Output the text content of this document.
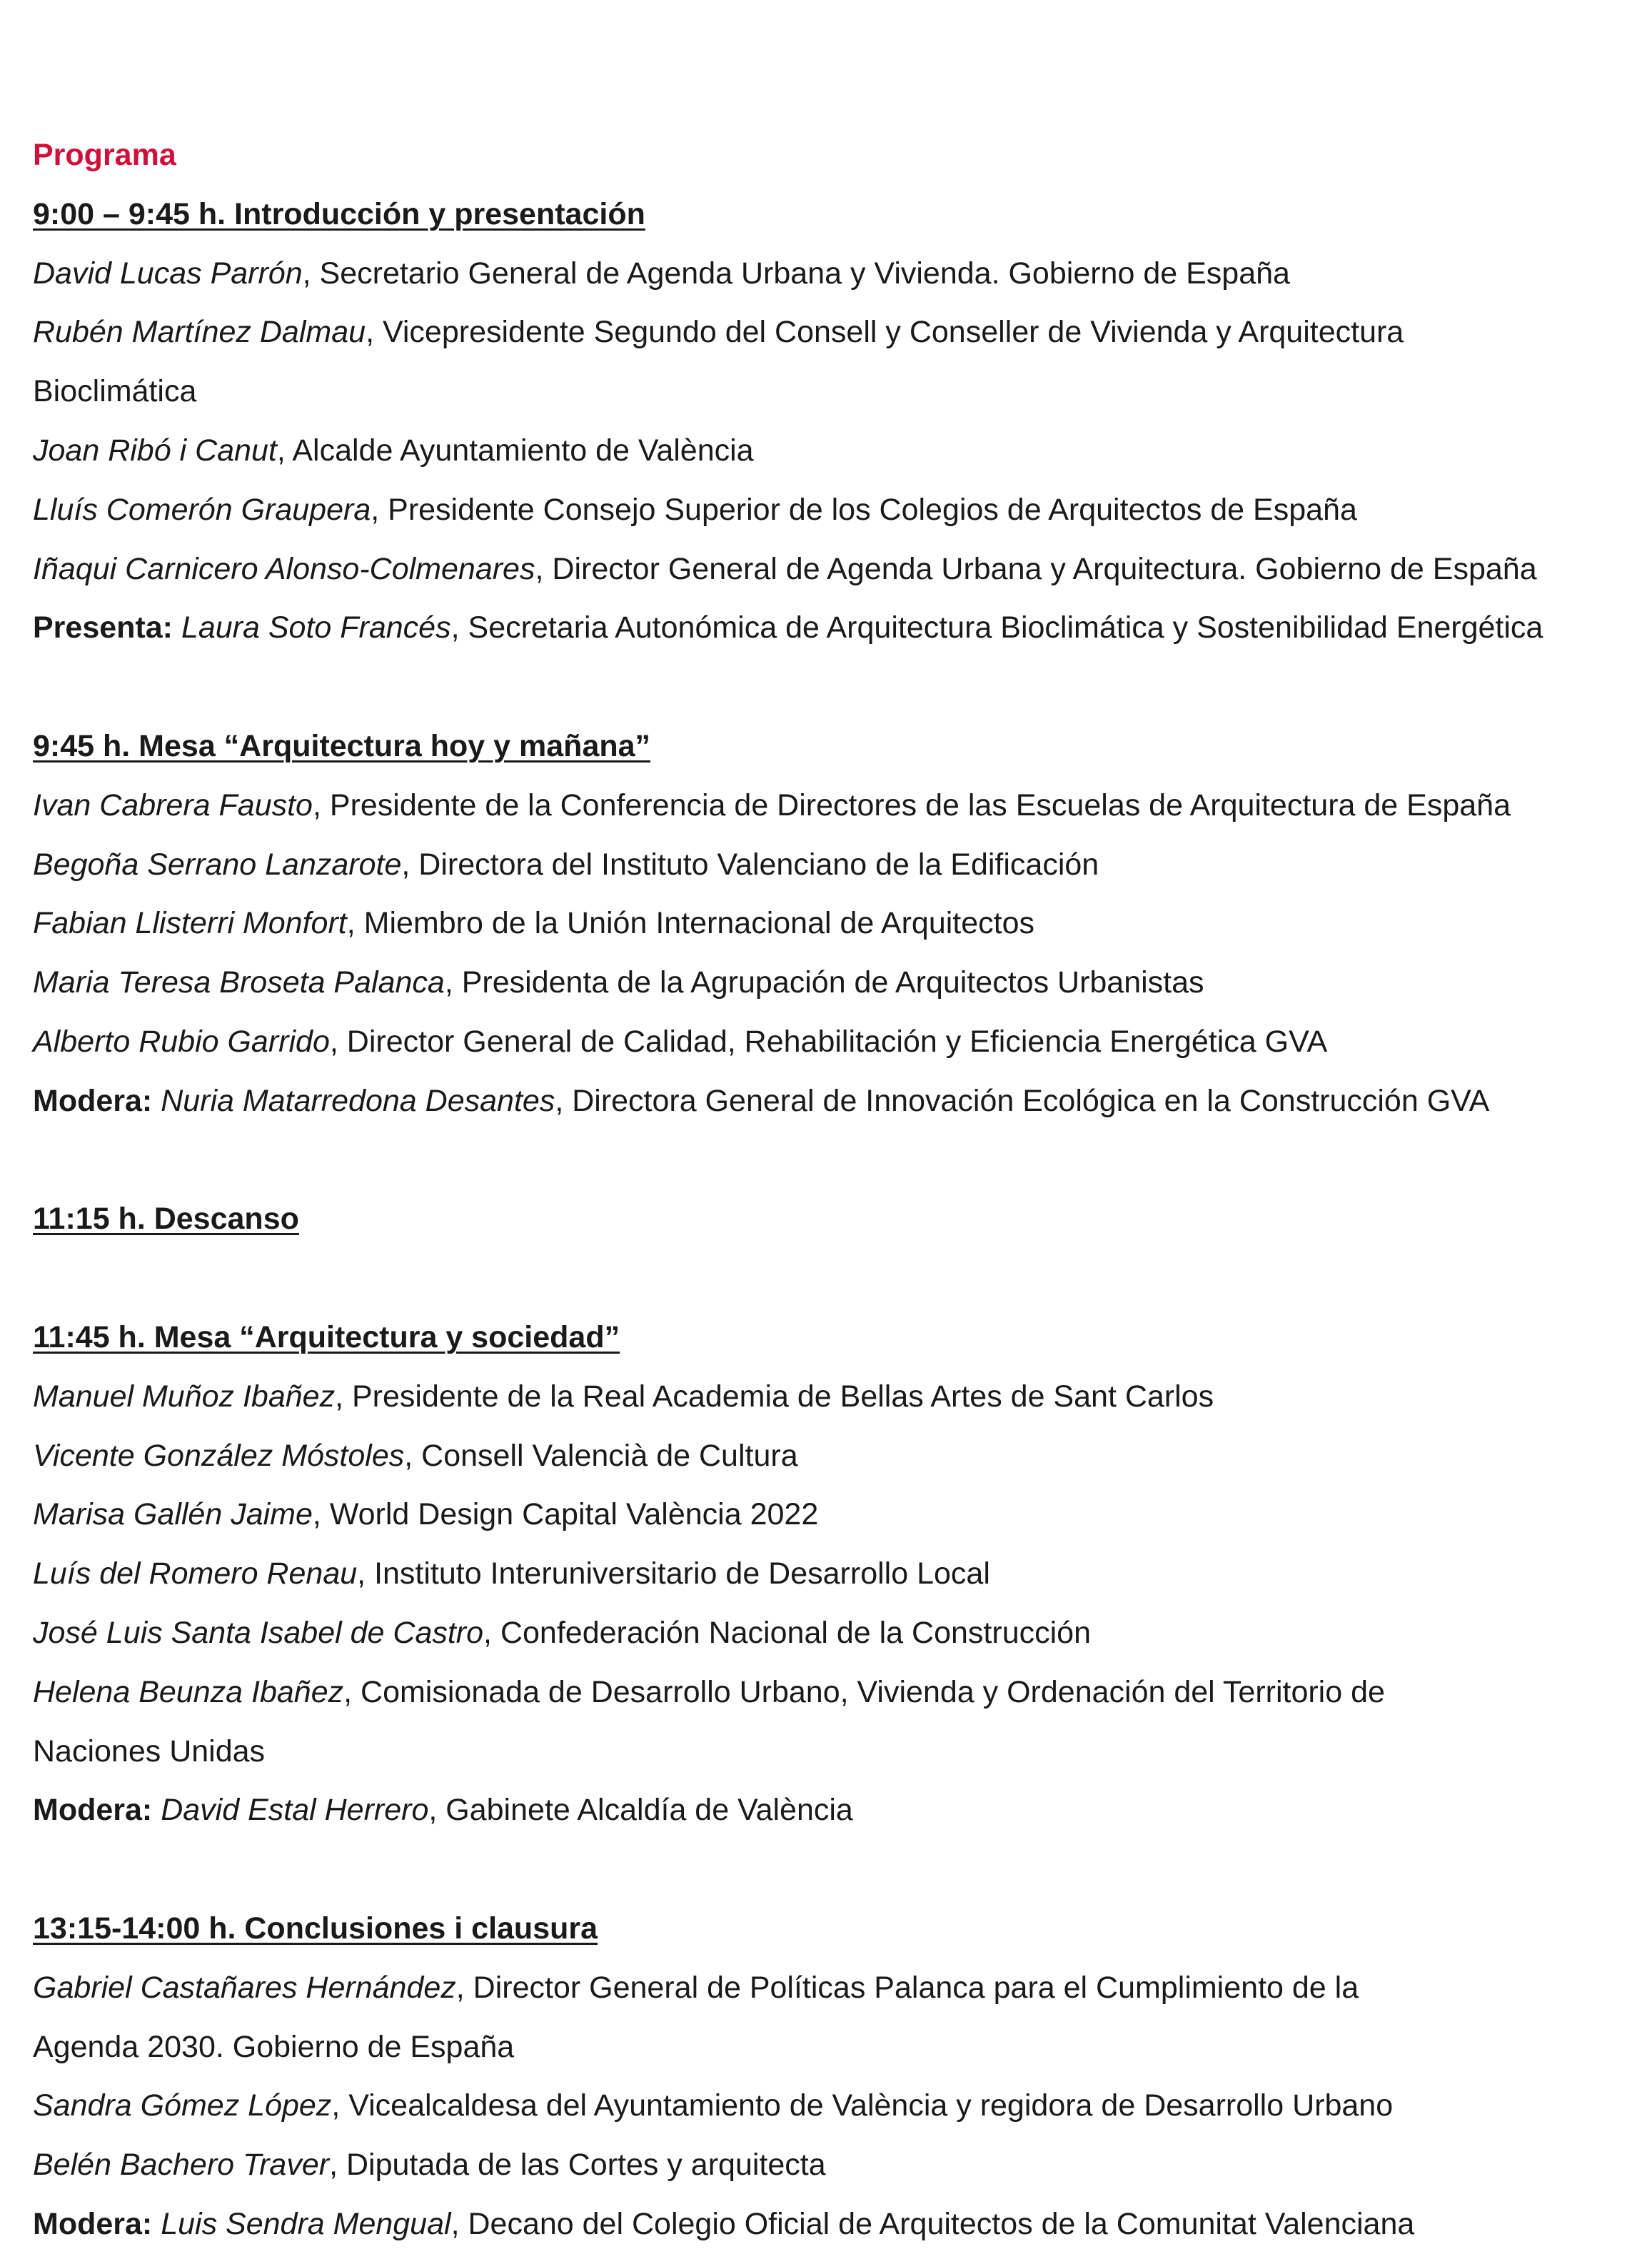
Programa
9:00 – 9:45 h. Introducción y presentación
David Lucas Parrón, Secretario General de Agenda Urbana y Vivienda. Gobierno de España
Rubén Martínez Dalmau, Vicepresidente Segundo del Consell y Conseller de Vivienda y Arquitectura
Bioclimática
Joan Ribó i Canut, Alcalde Ayuntamiento de València
Lluís Comerón Graupera, Presidente Consejo Superior de los Colegios de Arquitectos de España
Iñaqui Carnicero Alonso-Colmenares, Director General de Agenda Urbana y Arquitectura. Gobierno de España
Presenta: Laura Soto Francés, Secretaria Autonómica de Arquitectura Bioclimática y Sostenibilidad Energética
9:45 h. Mesa “Arquitectura hoy y mañana”
Ivan Cabrera Fausto, Presidente de la Conferencia de Directores de las Escuelas de Arquitectura de España
Begoña Serrano Lanzarote, Directora del Instituto Valenciano de la Edificación
Fabian Llisterri Monfort, Miembro de la Unión Internacional de Arquitectos
Maria Teresa Broseta Palanca, Presidenta de la Agrupación de Arquitectos Urbanistas
Alberto Rubio Garrido, Director General de Calidad, Rehabilitación y Eficiencia Energética GVA
Modera: Nuria Matarredona Desantes, Directora General de Innovación Ecológica en la Construcción GVA
11:15 h. Descanso
11:45 h. Mesa “Arquitectura y sociedad”
Manuel Muñoz Ibañez, Presidente de la Real Academia de Bellas Artes de Sant Carlos
Vicente González Móstoles, Consell Valencià de Cultura
Marisa Gallén Jaime, World Design Capital València 2022
Luís del Romero Renau, Instituto Interuniversitario de Desarrollo Local
José Luis Santa Isabel de Castro, Confederación Nacional de la Construcción
Helena Beunza Ibañez, Comisionada de Desarrollo Urbano, Vivienda y Ordenación del Territorio de
Naciones Unidas
Modera: David Estal Herrero, Gabinete Alcaldía de València
13:15-14:00 h. Conclusiones i clausura
Gabriel Castañares Hernández, Director General de Políticas Palanca para el Cumplimiento de la
Agenda 2030. Gobierno de España
Sandra Gómez López, Vicealcaldesa del Ayuntamiento de València y regidora de Desarrollo Urbano
Belén Bachero Traver, Diputada de las Cortes y arquitecta
Modera: Luis Sendra Mengual, Decano del Colegio Oficial de Arquitectos de la Comunitat Valenciana
